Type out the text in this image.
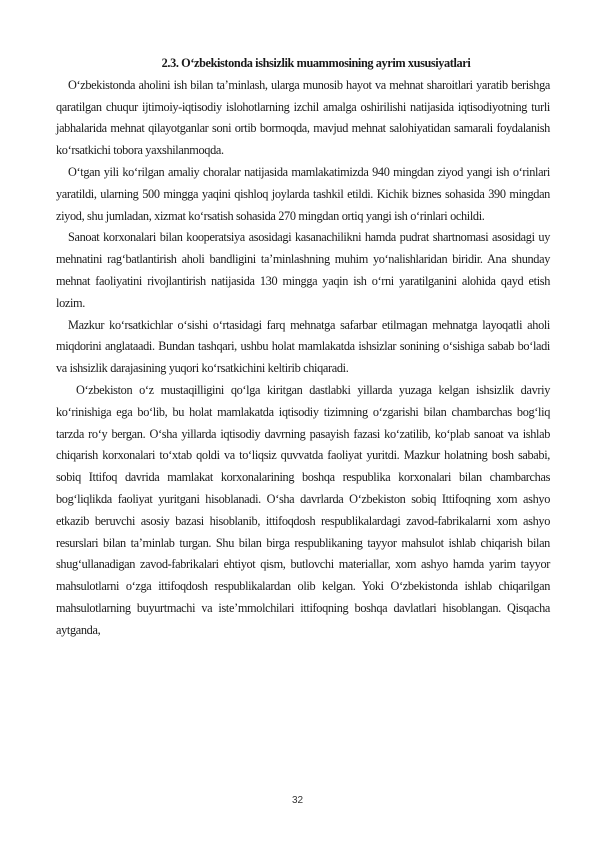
2.3. O‘zbekistonda ishsizlik muammosining ayrim xususiyatlari

O‘zbekistonda aholini ish bilan ta’minlash, ularga munosib hayot va mehnat sharoitlari yaratib berishga qaratilgan chuqur ijtimoiy-iqtisodiy islohotlarning izchil amalga oshirilishi natijasida iqtisodiyotning turli jabhalarida mehnat qilayotganlar soni ortib bormoqda, mavjud mehnat salohiyatidan samarali foydalanish ko‘rsatkichi tobora yaxshilanmoqda.

O‘tgan yili ko‘rilgan amaliy choralar natijasida mamlakatimizda 940 mingdan ziyod yangi ish o‘rinlari yaratildi, ularning 500 mingga yaqini qishloq joylarda tashkil etildi. Kichik biznes sohasida 390 mingdan ziyod, shu jumladan, xizmat ko‘rsatish sohasida 270 mingdan ortiq yangi ish o‘rinlari ochildi.

Sanoat korxonalari bilan kooperatsiya asosidagi kasanachilikni hamda pudrat shartnomasi asosidagi uy mehnatini rag‘batlantirish aholi bandligini ta’minlashning muhim yo‘nalishlaridan biridir. Ana shunday mehnat faoliyatini rivojlantirish natijasida 130 mingga yaqin ish o‘rni yaratilganini alohida qayd etish lozim.

Mazkur ko‘rsatkichlar o‘sishi o‘rtasidagi farq mehnatga safarbar etilmagan mehnatga layoqatli aholi miqdorini anglataadi. Bundan tashqari, ushbu holat mamlakatda ishsizlar sonining o‘sishiga sabab bo‘ladi va ishsizlik darajasining yuqori ko‘rsatkichini keltirib chiqaradi.

O‘zbekiston o‘z mustaqilligini qo‘lga kiritgan dastlabki yillarda yuzaga kelgan ishsizlik davriy ko‘rinishiga ega bo‘lib, bu holat mamlakatda iqtisodiy tizimning o‘zgarishi bilan chambarchas bog‘liq tarzda ro‘y bergan. O‘sha yillarda iqtisodiy davrning pasayish fazasi ko‘zatilib, ko‘plab sanoat va ishlab chiqarish korxonalari to‘xtab qoldi va to‘liqsiz quvvatda faoliyat yuritdi. Mazkur holatning bosh sababi, sobiq Ittifoq davrida mamlakat korxonalarining boshqa respublika korxonalari bilan chambarchas bog‘liqlikda faoliyat yuritgani hisoblanadi. O‘sha davrlarda O‘zbekiston sobiq Ittifoqning xom ashyo etkazib beruvchi asosiy bazasi hisoblanib, ittifoqdosh respublikalardagi zavod-fabrikalarni xom ashyo resurslari bilan ta’minlab turgan. Shu bilan birga respublikaning tayyor mahsulot ishlab chiqarish bilan shug‘ullanadigan zavod-fabrikalari ehtiyot qism, butlovchi materiallar, xom ashyo hamda yarim tayyor mahsulotlarni o‘zga ittifoqdosh respublikalardan olib kelgan. Yoki O‘zbekistonda ishlab chiqarilgan mahsulotlarning buyurtmachi va iste’mmolchilari ittifoqning boshqa davlatlari hisoblangan. Qisqacha aytganda,

32
